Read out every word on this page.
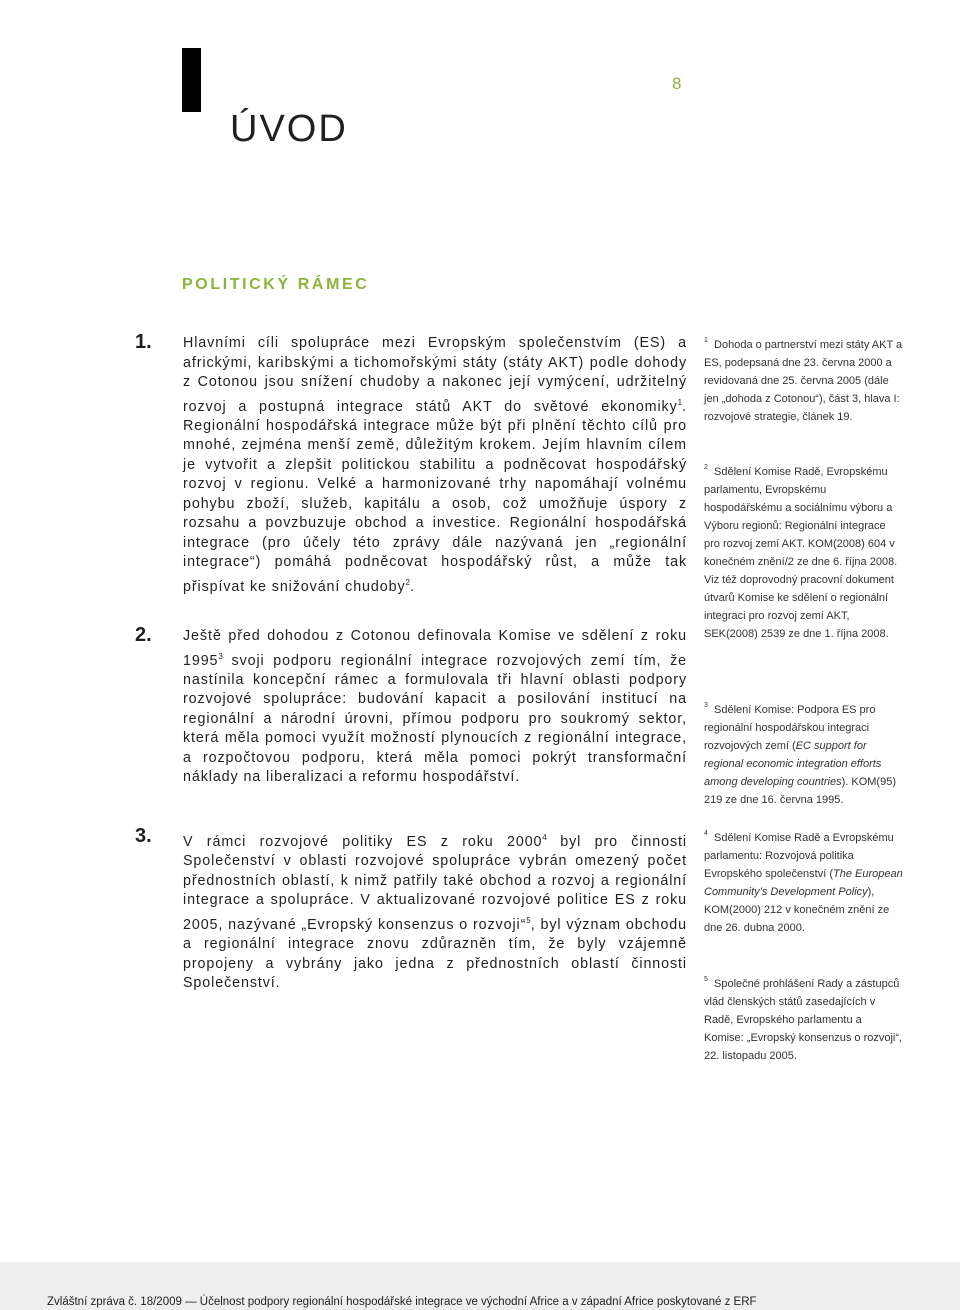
8
ÚVOD
POLITICKÝ RÁMEC
1. Hlavními cíli spolupráce mezi Evropským společenstvím (ES) a africkými, karibskými a tichomořskými státy (státy AKT) podle dohody z Cotonou jsou snížení chudoby a nakonec její vymýcení, udržitelný rozvoj a postupná integrace států AKT do světové ekonomiky$^1$. Regionální hospodářská integrace může být při plnění těchto cílů pro mnohé, zejména menší země, důležitým krokem. Jejím hlavním cílem je vytvořit a zlepšit politickou stabilitu a podněcovat hospodářský rozvoj v regionu. Velké a harmonizované trhy napomáhají volnému pohybu zboží, služeb, kapitálu a osob, což umožňuje úspory z rozsahu a povzbuzuje obchod a investice. Regionální hospodářská integrace (pro účely této zprávy dále nazývaná jen „regionální integrace“) pomáhá podněcovat hospodářský růst, a může tak přispívat ke snižování chudoby$^2$.
2. Ještě před dohodou z Cotonou definovala Komise ve sdělení z roku 1995$^3$ svoji podporu regionální integrace rozvojových zemí tím, že nastínila koncepční rámec a formulovala tři hlavní oblasti podpory rozvojové spolupráce: budování kapacit a posilování institucí na regionální a národní úrovni, přímou podporu pro soukromý sektor, která měla pomoci využít možností plynoucích z regionální integrace, a rozpočtovou podporu, která měla pomoci pokrýt transformační náklady na liberalizaci a reformu hospodářství.
3. V rámci rozvojové politiky ES z roku 2000$^4$ byl pro činnosti Společenství v oblasti rozvojové spolupráce vybrán omezený počet přednostních oblastí, k nimž patřily také obchod a rozvoj a regionální integrace a spolupráce. V aktualizované rozvojové politice ES z roku 2005, nazývané „Evropský konsenzus o rozvoji“$^5$, byl význam obchodu a regionální integrace znovu zdůrazněn tím, že byly vzájemně propojeny a vybrány jako jedna z přednostních oblastí činnosti Společenství.
$^1$ Dohoda o partnerství mezi státy AKT a ES, podepsaná dne 23. června 2000 a revidovaná dne 25. června 2005 (dále jen „dohoda z Cotonou“), část 3, hlava I: rozvojové strategie, článek 19.
$^2$ Sdělení Komise Radě, Evropskému parlamentu, Evropskému hospodářskému a sociálnímu výboru a Výboru regionů: Regionální integrace pro rozvoj zemí AKT. KOM(2008) 604 v konečném znění/2 ze dne 6. října 2008. Viz též doprovodný pracovní dokument útvarů Komise ke sdělení o regionální integraci pro rozvoj zemí AKT, SEK(2008) 2539 ze dne 1. října 2008.
$^3$ Sdělení Komise: Podpora ES pro regionální hospodářskou integraci rozvojových zemí (EC support for regional economic integration efforts among developing countries). KOM(95) 219 ze dne 16. června 1995.
$^4$ Sdělení Komise Radě a Evropskému parlamentu: Rozvojová politika Evropského společenství (The European Community’s Development Policy), KOM(2000) 212 v konečném znění ze dne 26. dubna 2000.
$^5$ Společné prohlášení Rady a zástupců vlád členských států zasedajících v Radě, Evropského parlamentu a Komise: „Evropský konsenzus o rozvoji“, 22. listopadu 2005.
Zvláštní zpráva č. 18/2009 — Účelnost podpory regionální hospodářské integrace ve východní Africe a v západní Africe poskytované z ERF
